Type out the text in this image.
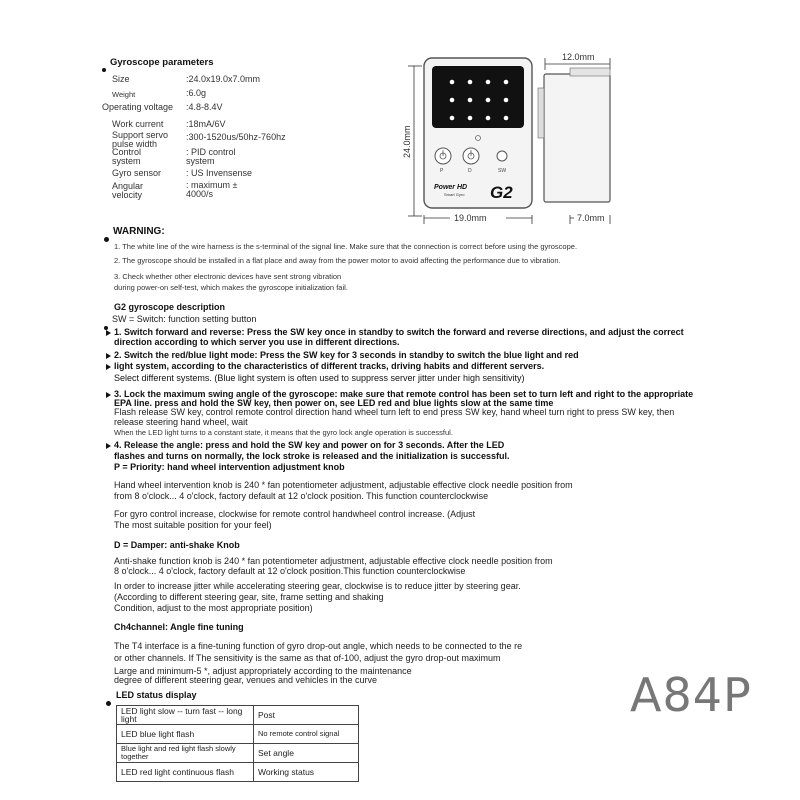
Gyroscope parameters
Size	:24.0x19.0x7.0mm
Weight	:6.0g
Operating voltage :4.8-8.4V
Work current	:18mA/6V
Support servo pulse width
:300-1520us/50hz-760hz
Control system
: PID control system
Gyro sensor	: US Invensense
Angular velocity
: maximum ± 4000/s
12.0mm
24.0mm
P	D	SW
Power HD
Smart Gyro G2
19.0mm	7.0mm
WARNING:
1. The white line of the wire harness is the s-terminal of the signal line. Make sure that the connection is correct before using the gyroscope.
2. The gyroscope should be installed in a flat place and away from the power motor to avoid affecting the performance due to vibration.
3. Check whether other electronic devices have sent strong vibration
during power-on self-test, which makes the gyroscope initialization fail.
G2 gyroscope description
SW = Switch: function setting button
1. Switch forward and reverse: Press the SW key once in standby to switch the forward and reverse directions, and adjust the correct
direction according to which server you use in different directions.
2. Switch the red/blue light mode: Press the SW key for 3 seconds in standby to switch the blue light and red
light system, according to the characteristics of different tracks, driving habits and different servers.
Select different systems. (Blue light system is often used to suppress server jitter under high sensitivity)
3. Lock the maximum swing angle of the gyroscope: make sure that remote control has been set to turn left and right to the appropriate
EPA line. press and hold the SW key, then power on, see LED red and blue lights slow at the same time
Flash release SW key, control remote control direction hand wheel turn left to end press SW key, hand wheel turn right to press SW key, then
release steering hand wheel, wait
When the LED light turns to a constant state, it means that the gyro lock angle operation is successful.
4. Release the angle: press and hold the SW key and power on for 3 seconds. After the LED
flashes and turns on normally, the lock stroke is released and the initialization is successful.
P = Priority: hand wheel intervention adjustment knob
Hand wheel intervention knob is 240 * fan potentiometer adjustment, adjustable effective clock needle position from
from 8 o'clock... 4 o'clock, factory default at 12 o'clock position. This function counterclockwise
For gyro control increase, clockwise for remote control handwheel control increase. (Adjust
The most suitable position for your feel)
D = Damper: anti-shake Knob
Anti-shake function knob is 240 * fan potentiometer adjustment, adjustable effective clock needle position from
8 o'clock... 4 o'clock, factory default at 12 o'clock position.This function counterclockwise
In order to increase jitter while accelerating steering gear, clockwise is to reduce jitter by steering gear.
(According to different steering gear, site, frame setting and shaking
Condition, adjust to the most appropriate position)
Ch4channel: Angle fine tuning
The T4 interface is a fine-tuning function of gyro drop-out angle, which needs to be connected to the re
or other channels. If The sensitivity is the same as that of-100, adjust the gyro drop-out maximum
Large and minimum-5 *, adjust appropriately according to the maintenance
degree of different steering gear, venues and vehicles in the curve
LED status display
LED light slow -- turn fast -- long light	Post
LED blue light flash	No remote control signal
Blue light and red light flash slowly together	Set angle
LED red light continuous flash	Working status
A84P
